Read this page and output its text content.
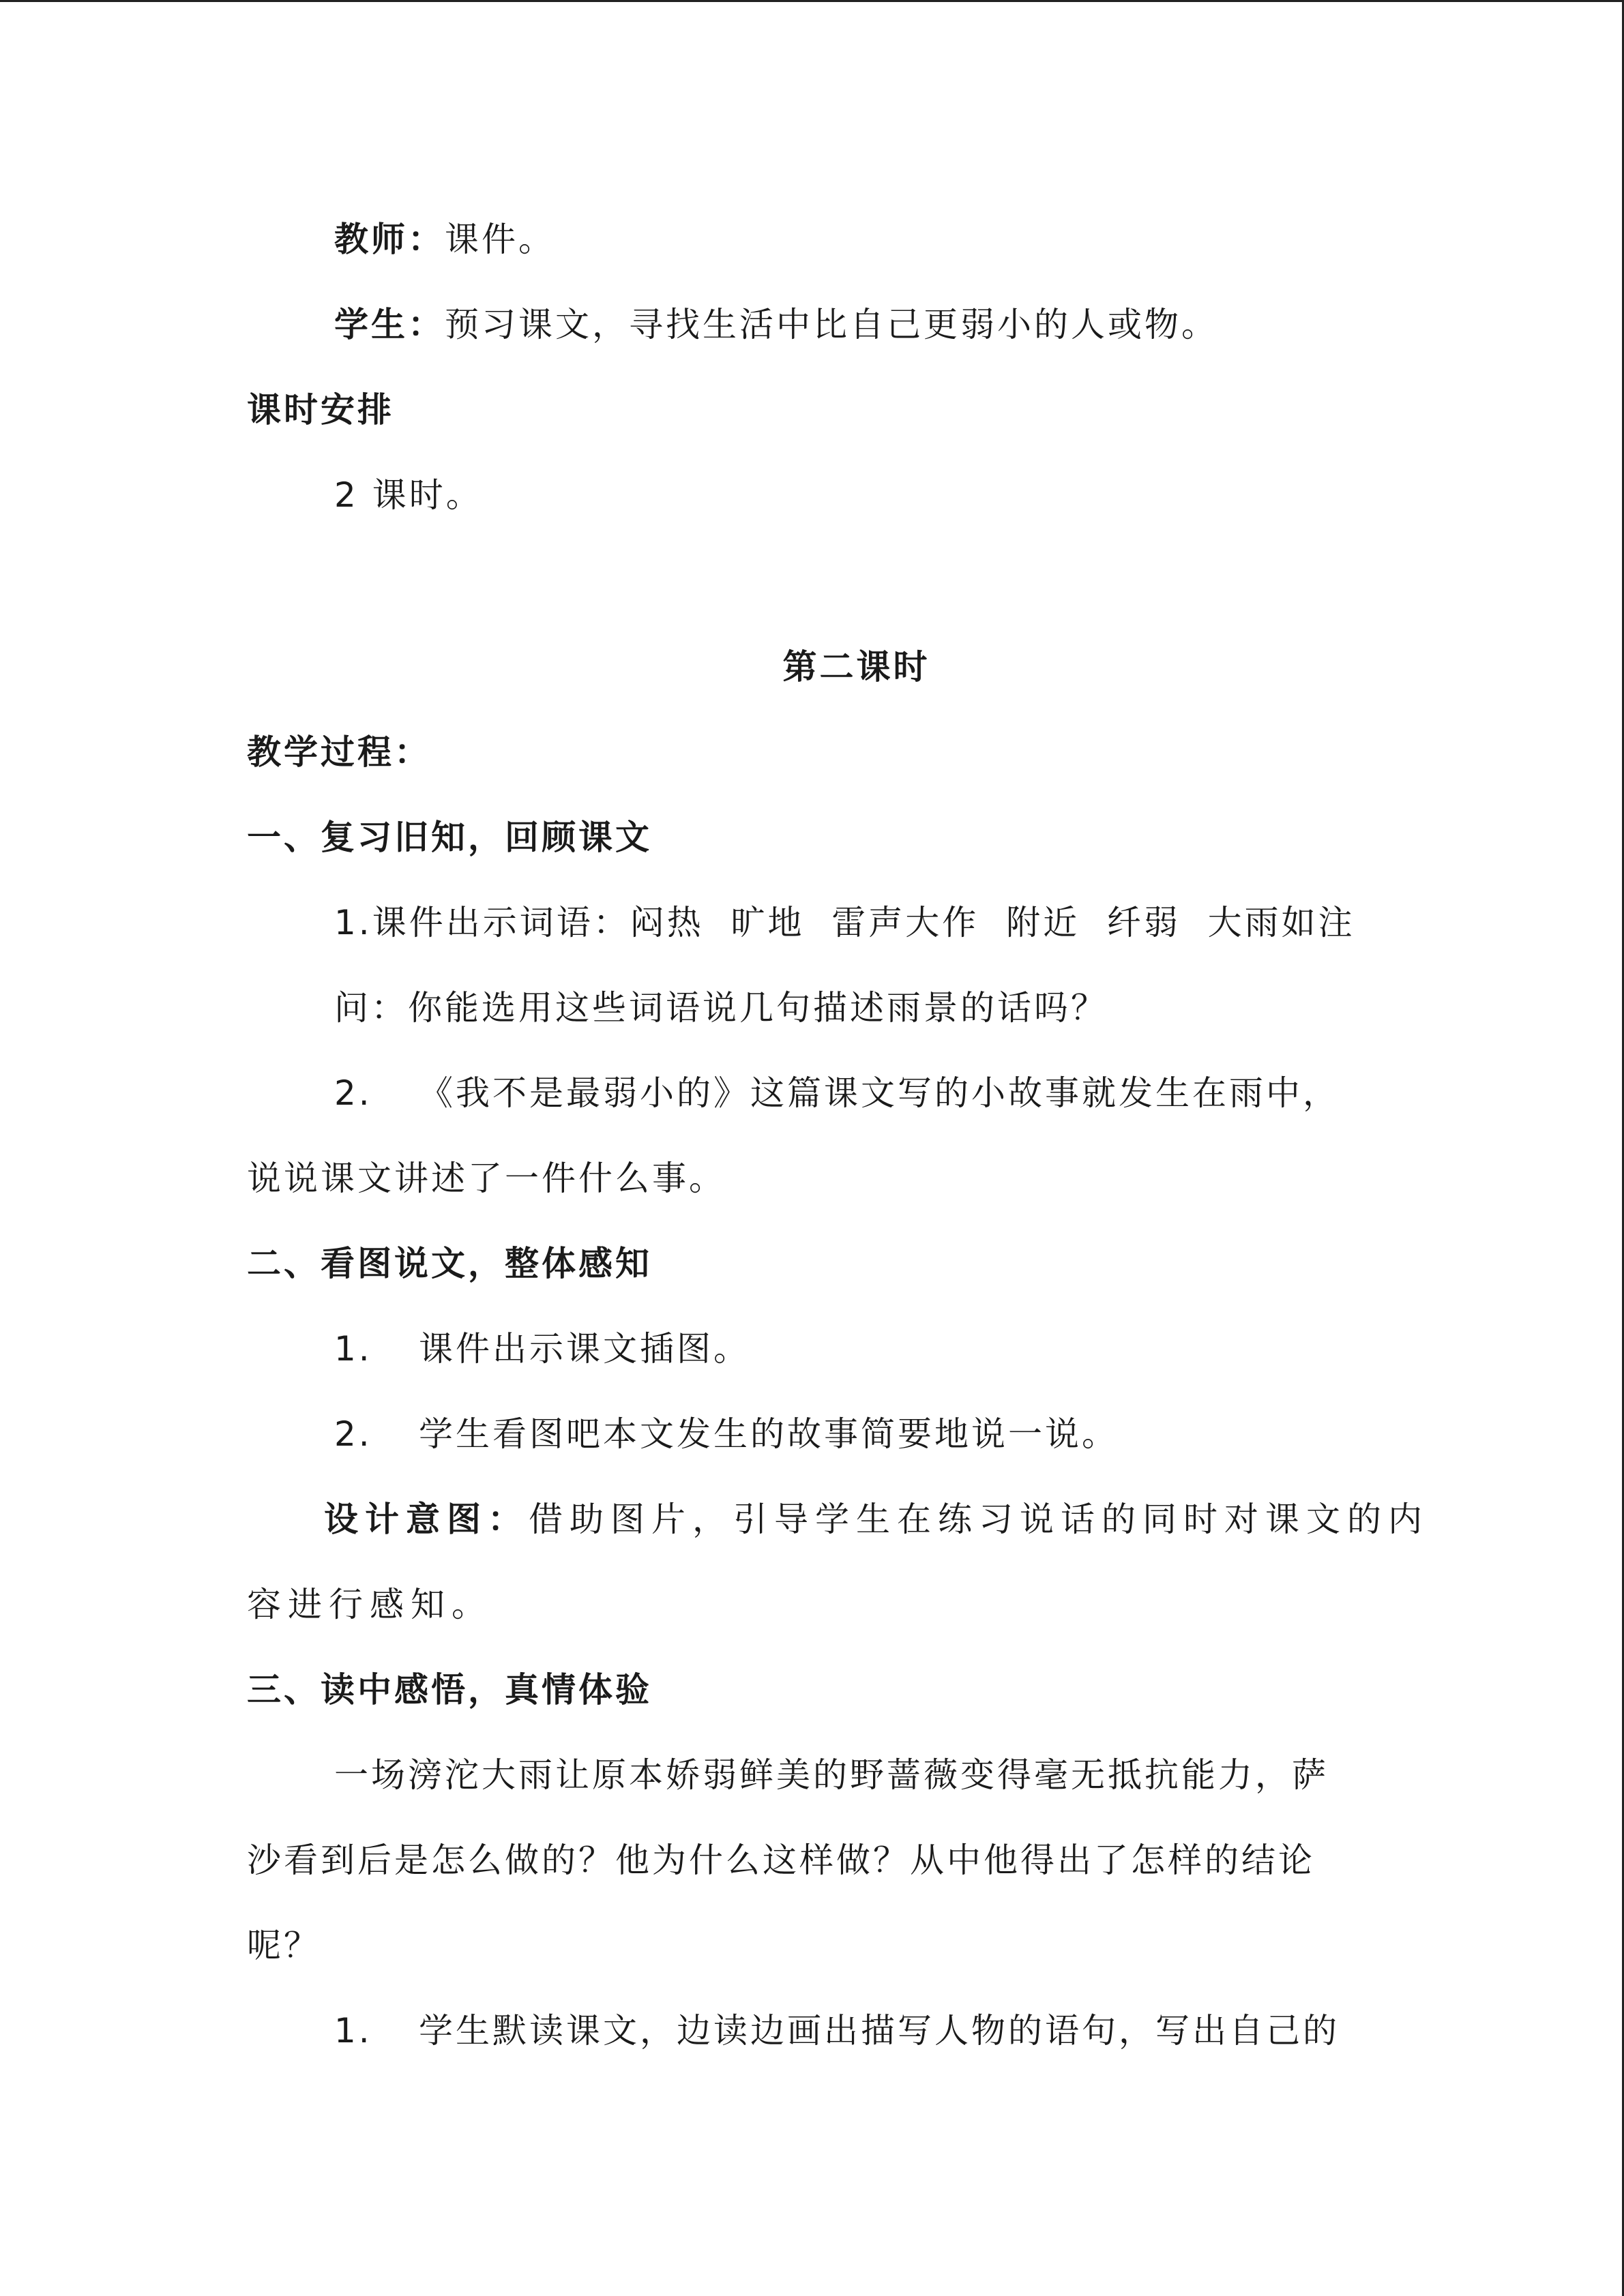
教师：课件。
学生：预习课文，寻找生活中比自己更弱小的人或物。
课时安排
2 课时。
第二课时
教学过程：
一、复习旧知，回顾课文
1.课件出示词语：闷热  旷地  雷声大作  附近  纤弱  大雨如注
问：你能选用这些词语说几句描述雨景的话吗？
2. 《我不是最弱小的》这篇课文写的小故事就发生在雨中，
说说课文讲述了一件什么事。
二、看图说文，整体感知
1. 课件出示课文插图。
2. 学生看图吧本文发生的故事简要地说一说。
设计意图：借助图片，引导学生在练习说话的同时对课文的内
容进行感知。
三、读中感悟，真情体验
一场滂沱大雨让原本娇弱鲜美的野蔷薇变得毫无抵抗能力，萨
沙看到后是怎么做的？他为什么这样做？从中他得出了怎样的结论
呢？
1. 学生默读课文，边读边画出描写人物的语句，写出自己的
